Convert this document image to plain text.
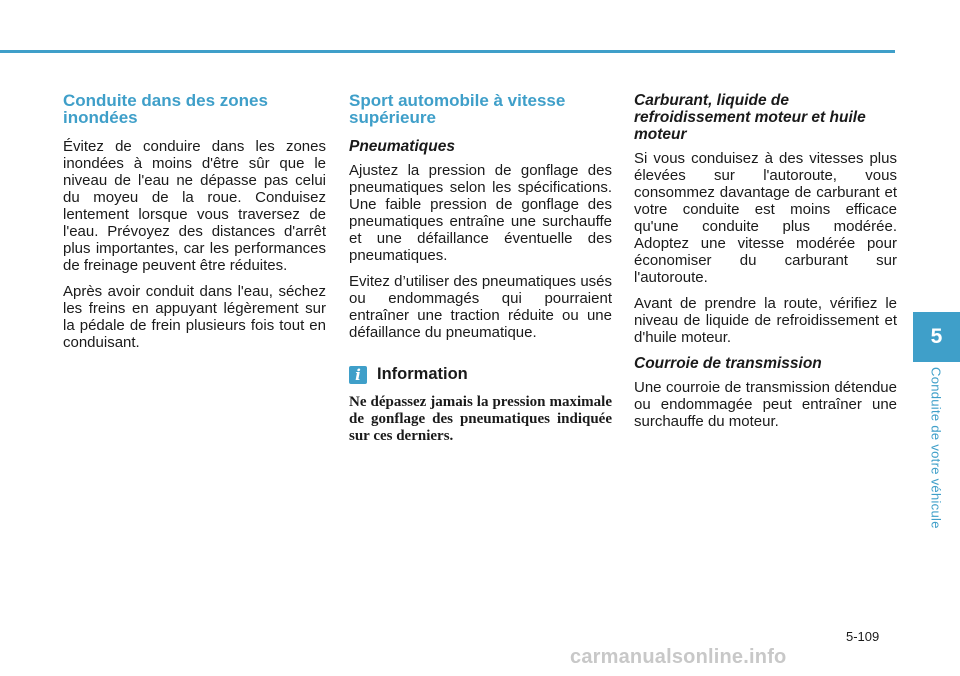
Conduite dans des zones inondées

Évitez de conduire dans les zones inondées à moins d'être sûr que le niveau de l'eau ne dépasse pas celui du moyeu de la roue. Conduisez lentement lorsque vous traversez de l'eau. Prévoyez des distances d'arrêt plus importantes, car les performances de freinage peuvent être réduites.

Après avoir conduit dans l'eau, séchez les freins en appuyant légèrement sur la pédale de frein plusieurs fois tout en conduisant.

Sport automobile à vitesse supérieure
Pneumatiques

Ajustez la pression de gonflage des pneumatiques selon les spécifications. Une faible pression de gonflage des pneumatiques entraîne une surchauffe et une défaillance éventuelle des pneumatiques.

Evitez d’utiliser des pneumatiques usés ou endommagés qui pourraient entraîner une traction réduite ou une défaillance du pneumatique.

i Information

Ne dépassez jamais la pression maximale de gonflage des pneumatiques indiquée sur ces derniers.

Carburant, liquide de refroidissement moteur et huile moteur

Si vous conduisez à des vitesses plus élevées sur l'autoroute, vous consommez davantage de carburant et votre conduite est moins efficace qu'une conduite plus modérée. Adoptez une vitesse modérée pour économiser du carburant sur l'autoroute.

Avant de prendre la route, vérifiez le niveau de liquide de refroidissement et d'huile moteur.

Courroie de transmission

Une courroie de transmission détendue ou endommagée peut entraîner une surchauffe du moteur.

5
Conduite de votre véhicule
5-109
carmanualsonline.info
